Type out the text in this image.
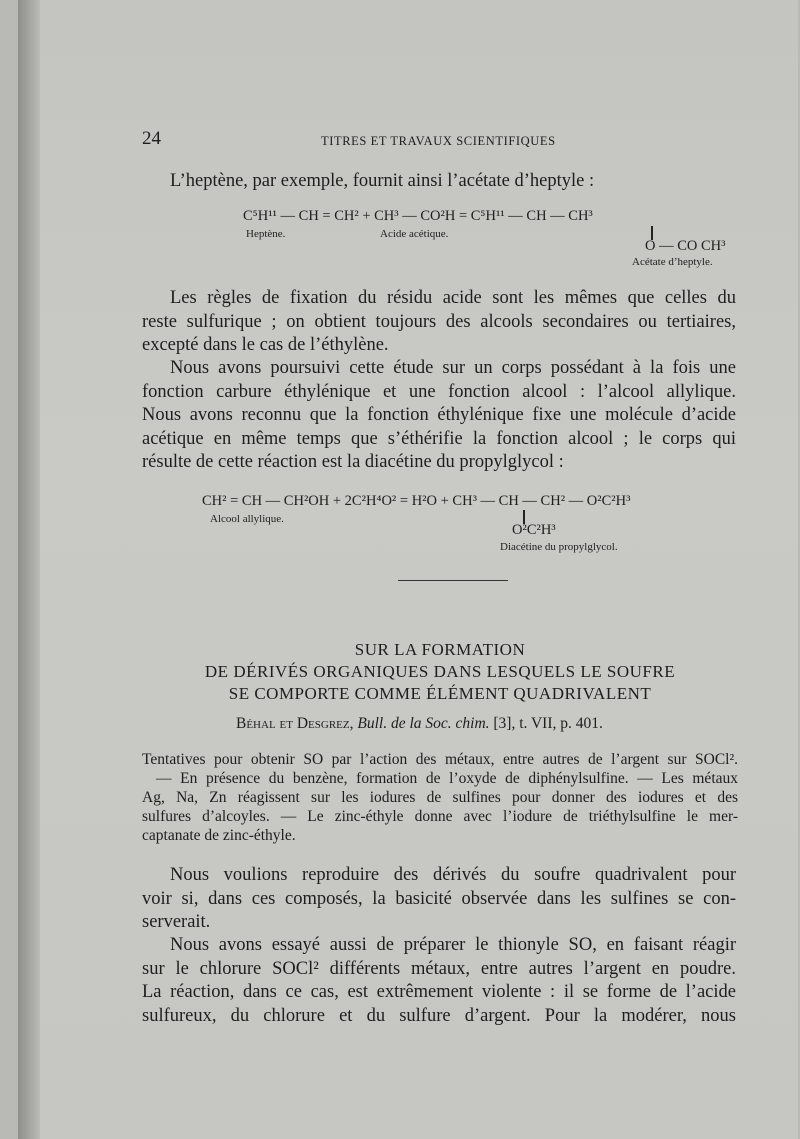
24	TITRES ET TRAVAUX SCIENTIFIQUES
L’heptène, par exemple, fournit ainsi l’acétate d’heptyle :
C⁵H¹¹ — CH = CH² + CH³ — CO²H = C⁵H¹¹ — CH — CH³
Heptène.	Acide acétique.
O — CO CH³
Acétate d’heptyle.
Les règles de fixation du résidu acide sont les mêmes que celles du
reste sulfurique ; on obtient toujours des alcools secondaires ou tertiaires,
excepté dans le cas de l’éthylène.
Nous avons poursuivi cette étude sur un corps possédant à la fois une
fonction carbure éthylénique et une fonction alcool : l’alcool allylique.
Nous avons reconnu que la fonction éthylénique fixe une molécule d’acide
acétique en même temps que s’éthérifie la fonction alcool ; le corps qui
résulte de cette réaction est la diacétine du propylglycol :
CH² = CH — CH²OH + 2C²H⁴O² = H²O + CH³ — CH — CH² — O²C²H³
Alcool allylique.
O²C²H³
Diacétine du propylglycol.
SUR LA FORMATION
DE DÉRIVÉS ORGANIQUES DANS LESQUELS LE SOUFRE
SE COMPORTE COMME ÉLÉMENT QUADRIVALENT
Béhal et Desgrez, Bull. de la Soc. chim. [3], t. VII, p. 401.
Tentatives pour obtenir SO par l’action des métaux, entre autres de l’argent sur SOCl².
— En présence du benzène, formation de l’oxyde de diphénylsulfine. — Les métaux
Ag, Na, Zn réagissent sur les iodures de sulfines pour donner des iodures et des
sulfures d’alcoyles. — Le zinc-éthyle donne avec l’iodure de triéthylsulfine le mer-
captanate de zinc-éthyle.
Nous voulions reproduire des dérivés du soufre quadrivalent pour
voir si, dans ces composés, la basicité observée dans les sulfines se con-
serverait.
Nous avons essayé aussi de préparer le thionyle SO, en faisant réagir
sur le chlorure SOCl² différents métaux, entre autres l’argent en poudre.
La réaction, dans ce cas, est extrêmement violente : il se forme de l’acide
sulfureux, du chlorure et du sulfure d’argent. Pour la modérer, nous
